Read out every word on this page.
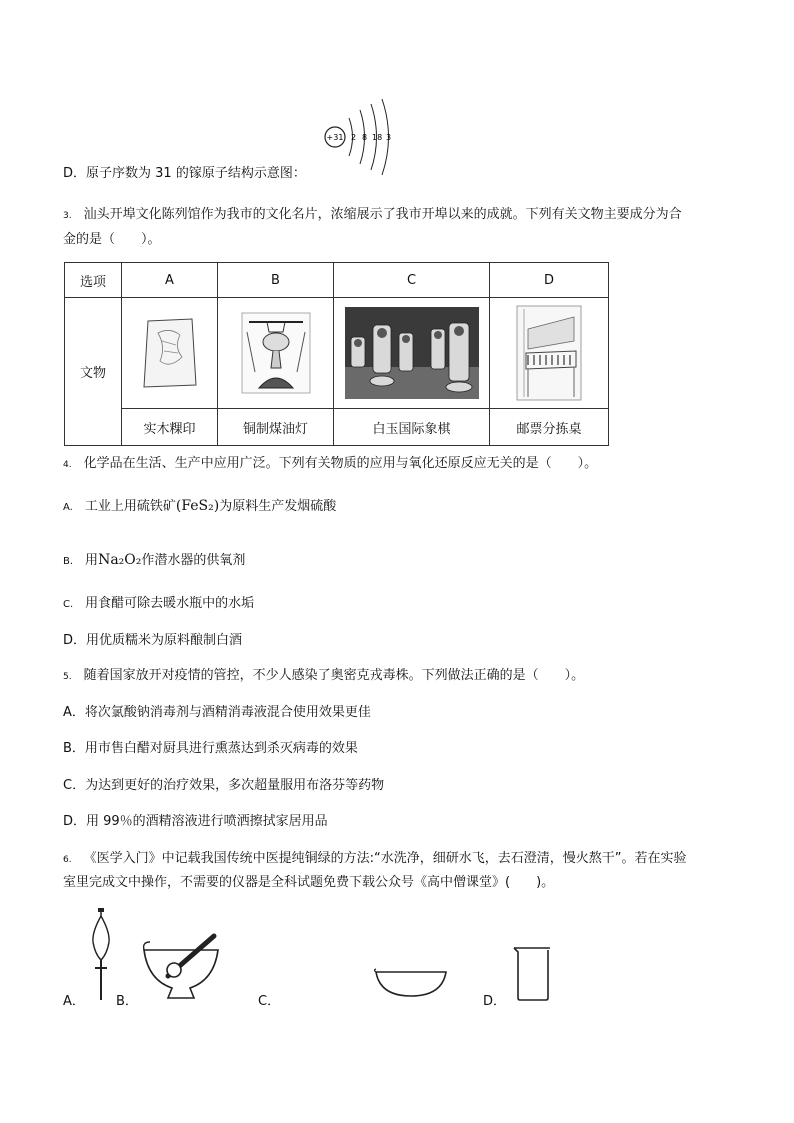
+31 2 8 18 3
D．原子序数为 31 的镓原子结构示意图：
3. 汕头开埠文化陈列馆作为我市的文化名片，浓缩展示了我市开埠以来的成就。下列有关文物主要成分为合
金的是（　　）。
选项	A	B	C	D
文物	

	实木粿印	铜制煤油灯	白玉国际象棋	邮票分拣桌
4. 化学品在生活、生产中应用广泛。下列有关物质的应用与氧化还原反应无关的是（　　）。
A. 工业上用硫铁矿(FeS₂)为原料生产发烟硫酸
B. 用Na₂O₂作潜水器的供氧剂
C. 用食醋可除去暖水瓶中的水垢
D．用优质糯米为原料酿制白酒
5. 随着国家放开对疫情的管控，不少人感染了奥密克戎毒株。下列做法正确的是（　　）。
A．将次氯酸钠消毒剂与酒精消毒液混合使用效果更佳
B．用市售白醋对厨具进行熏蒸达到杀灭病毒的效果
C．为达到更好的治疗效果，多次超量服用布洛芬等药物
D．用 99％的酒精溶液进行喷洒擦拭家居用品
6. 《医学入门》中记载我国传统中医提纯铜绿的方法:“水洗净，细研水飞，去石澄清，慢火熬干”。若在实验
室里完成文中操作，不需要的仪器是全科试题免费下载公众号《高中僧课堂》(　　)。
A． B．	C．	D．
